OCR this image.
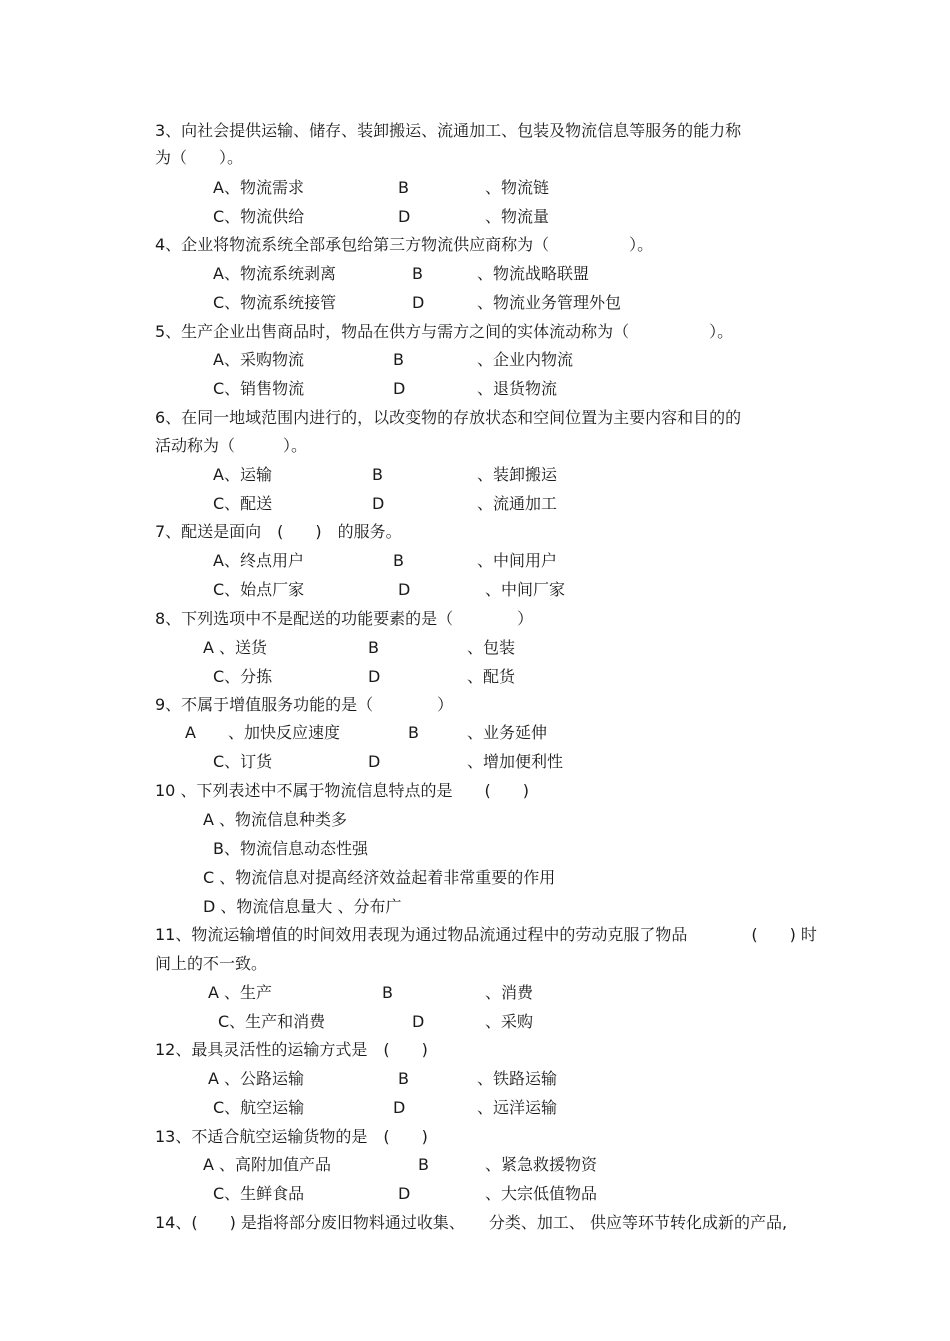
3、向社会提供运输、储存、装卸搬运、流通加工、包装及物流信息等服务的能力称
为（　　）。
A、物流需求	B	、物流链
C、物流供给	D	、物流量
4、企业将物流系统全部承包给第三方物流供应商称为（　　　　　）。
A、物流系统剥离	B	、物流战略联盟
C、物流系统接管	D	、物流业务管理外包
5、生产企业出售商品时，物品在供方与需方之间的实体流动称为（　　　　　）。
A、采购物流	B	、企业内物流
C、销售物流	D	、退货物流
6、在同一地域范围内进行的，以改变物的存放状态和空间位置为主要内容和目的的
活动称为（　　　）。
A、运输	B	、装卸搬运
C、配送	D	、流通加工
7、配送是面向　(　　)　的服务。
A、终点用户	B	、中间用户
C、始点厂家	D	、中间厂家
8、下列选项中不是配送的功能要素的是（　　　　）
A 、送货	B	、包装
C、分拣	D	、配货
9、不属于增值服务功能的是（　　　　）
A　　、加快反应速度	B	、业务延伸
C、订货	D	、增加便利性
10 、下列表述中不属于物流信息特点的是　　(　　)
A 、物流信息种类多
B、物流信息动态性强
C 、物流信息对提高经济效益起着非常重要的作用
D 、物流信息量大 、分布广
11、物流运输增值的时间效用表现为通过物品流通过程中的劳动克服了物品　　　　(　　) 时
间上的不一致。
A 、生产	B	、消费
C、生产和消费	D	、采购
12、最具灵活性的运输方式是　(　　)
A 、公路运输	B	、铁路运输
C、航空运输	D	、远洋运输
13、不适合航空运输货物的是　(　　)
A 、高附加值产品	B	、紧急救援物资
C、生鲜食品	D	、大宗低值物品
14、(　　) 是指将部分废旧物料通过收集、　　分类、加工、 供应等环节转化成新的产品,
